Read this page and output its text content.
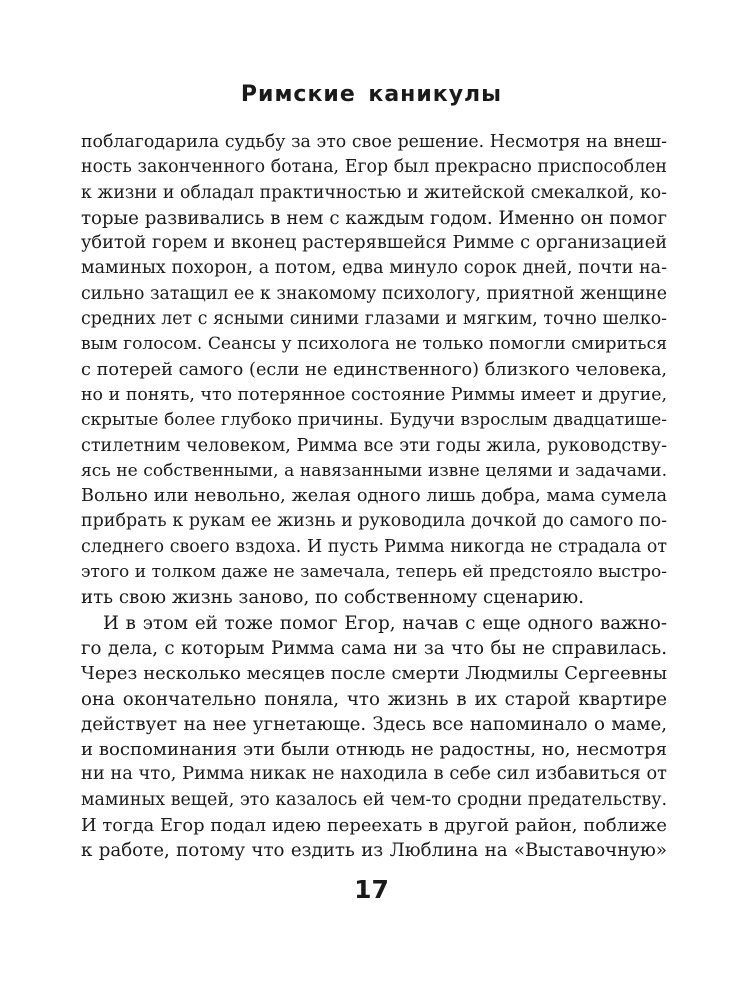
Римские каникулы
поблагодарила судьбу за это свое решение. Несмотря на внеш-
ность законченного ботана, Егор был прекрасно приспособлен
к жизни и обладал практичностью и житейской смекалкой, ко-
торые развивались в нем с каждым годом. Именно он помог
убитой горем и вконец растерявшейся Римме с организацией
маминых похорон, а потом, едва минуло сорок дней, почти на-
сильно затащил ее к знакомому психологу, приятной женщине
средних лет с ясными синими глазами и мягким, точно шелко-
вым голосом. Сеансы у психолога не только помогли смириться
с потерей самого (если не единственного) близкого человека,
но и понять, что потерянное состояние Риммы имеет и другие,
скрытые более глубоко причины. Будучи взрослым двадцатише-
стилетним человеком, Римма все эти годы жила, руководству-
ясь не собственными, а навязанными извне целями и задачами.
Вольно или невольно, желая одного лишь добра, мама сумела
прибрать к рукам ее жизнь и руководила дочкой до самого по-
следнего своего вздоха. И пусть Римма никогда не страдала от
этого и толком даже не замечала, теперь ей предстояло выстро-
ить свою жизнь заново, по собственному сценарию.
И в этом ей тоже помог Егор, начав с еще одного важно-
го дела, с которым Римма сама ни за что бы не справилась.
Через несколько месяцев после смерти Людмилы Сергеевны
она окончательно поняла, что жизнь в их старой квартире
действует на нее угнетающе. Здесь все напоминало о маме,
и воспоминания эти были отнюдь не радостны, но, несмотря
ни на что, Римма никак не находила в себе сил избавиться от
маминых вещей, это казалось ей чем-то сродни предательству.
И тогда Егор подал идею переехать в другой район, поближе
к работе, потому что ездить из Люблина на «Выставочную»
17
